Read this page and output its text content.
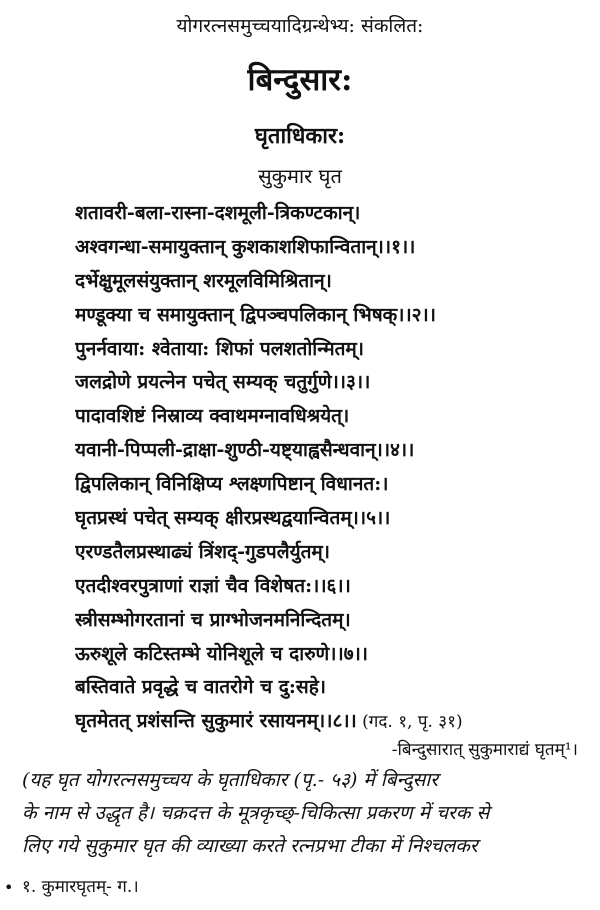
योगरत्नसमुच्चयादिग्रन्थेभ्य: संकलित:
बिन्दुसार:
घृताधिकार:
सुकुमार घृत
शतावरी-बला-रास्ना-दशमूली-त्रिकण्टकान्।
अश्वगन्धा-समायुक्तान् कुशकाशशिफान्वितान्।।१।।
दर्भेक्षुमूलसंयुक्तान् शरमूलविमिश्रितान्।
मण्डूक्या च समायुक्तान् द्विपञ्चपलिकान् भिषक्।।२।।
पुनर्नवाया: श्वेताया: शिफां पलशतोन्मितम्।
जलद्रोणे प्रयत्नेन पचेत् सम्यक् चतुर्गुणे।।३।।
पादावशिष्टं निस्राव्य क्वाथमग्नावधिश्रयेत्।
यवानी-पिप्पली-द्राक्षा-शुण्ठी-यष्ट्याह्वसैन्धवान्।।४।।
द्विपलिकान् विनिक्षिप्य श्लक्ष्णपिष्टान् विधानत:।
घृतप्रस्थं पचेत् सम्यक् क्षीरप्रस्थद्वयान्वितम्।।५।।
एरण्डतैलप्रस्थाढ्यं त्रिंशद्-गुडपलैर्युतम्।
एतदीश्वरपुत्राणां राज्ञां चैव विशेषत:।।६।।
स्त्रीसम्भोगरतानां च प्राग्भोजनमनिन्दितम्।
ऊरुशूले कटिस्तम्भे योनिशूले च दारुणे।।७।।
बस्तिवाते प्रवृद्धे च वातरोगे च दु:सहे।
घृतमेतत् प्रशंसन्ति सुकुमारं रसायनम्।।८।। (गद. १, पृ. ३१)
-बिन्दुसारात् सुकुमाराद्यं घृतम्¹।
(यह घृत योगरत्नसमुच्चय के घृताधिकार (पृ.- ५३) में बिन्दुसार
के नाम से उद्धृत है। चक्रदत्त के मूत्रकृच्छ्-चिकित्सा प्रकरण में चरक से
लिए गये सुकुमार घृत की व्याख्या करते रत्नप्रभा टीका में निश्चलकर
• १. कुमारघृतम्- ग.।
